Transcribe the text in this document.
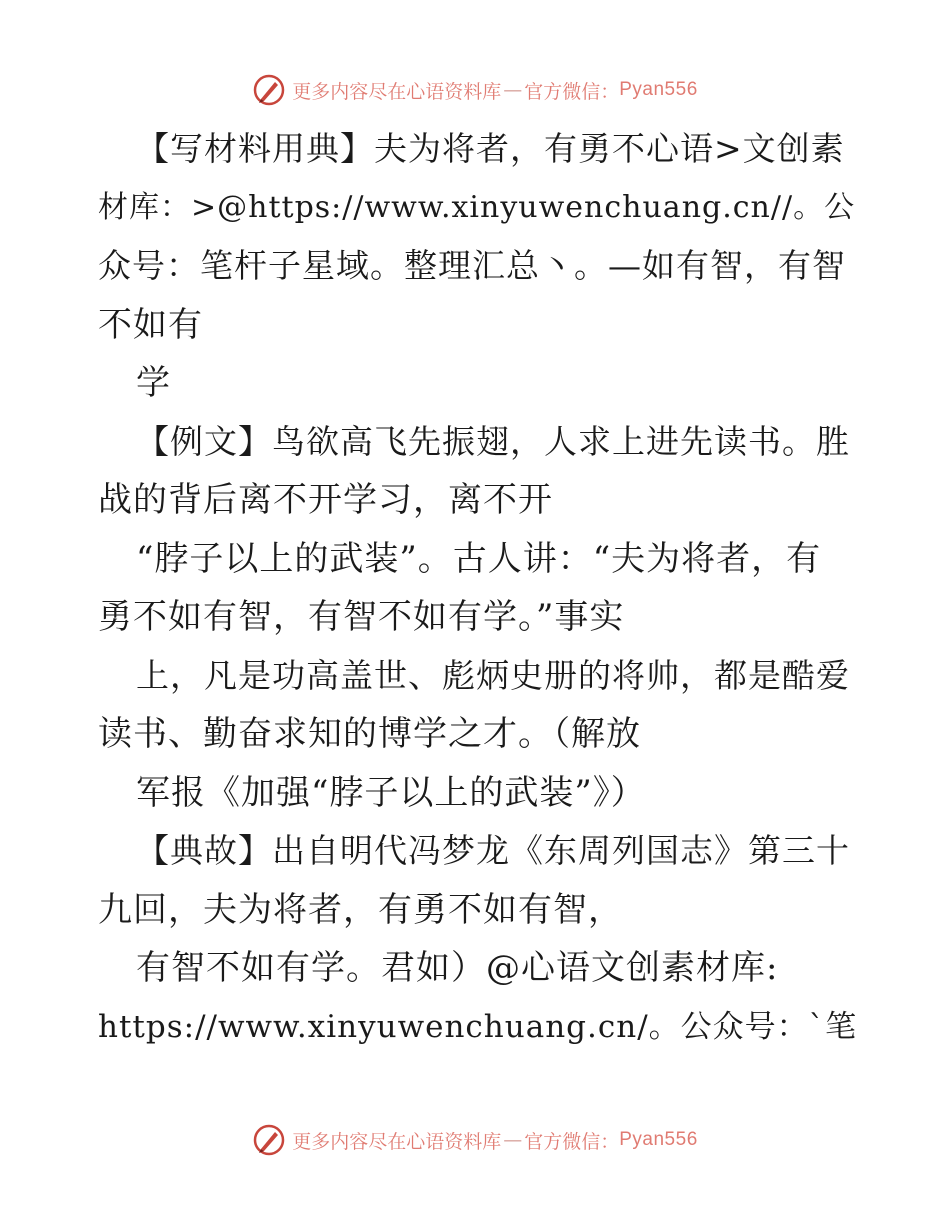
更多内容尽在心语资料库 — 官方微信： Pyan556
【写材料用典】夫为将者，有勇不心语>文创素
材库：>@https://www.xinyuwenchuang.cn//。公
众号：笔杆子星域。整理汇总丶。—如有智，有智
不如有
学
【例文】鸟欲高飞先振翅，人求上进先读书。胜
战的背后离不开学习，离不开
“脖子以上的武装”。古人讲：“夫为将者，有
勇不如有智，有智不如有学。”事实
上，凡是功高盖世、彪炳史册的将帅，都是酷爱
读书、勤奋求知的博学之才。（解放
军报《加强“脖子以上的武装”》）
【典故】出自明代冯梦龙《东周列国志》第三十
九回，夫为将者，有勇不如有智，
有智不如有学。君如）@心语文创素材库:
https://www.xinyuwenchuang.cn/。公众号：`笔
更多内容尽在心语资料库 — 官方微信： Pyan556
